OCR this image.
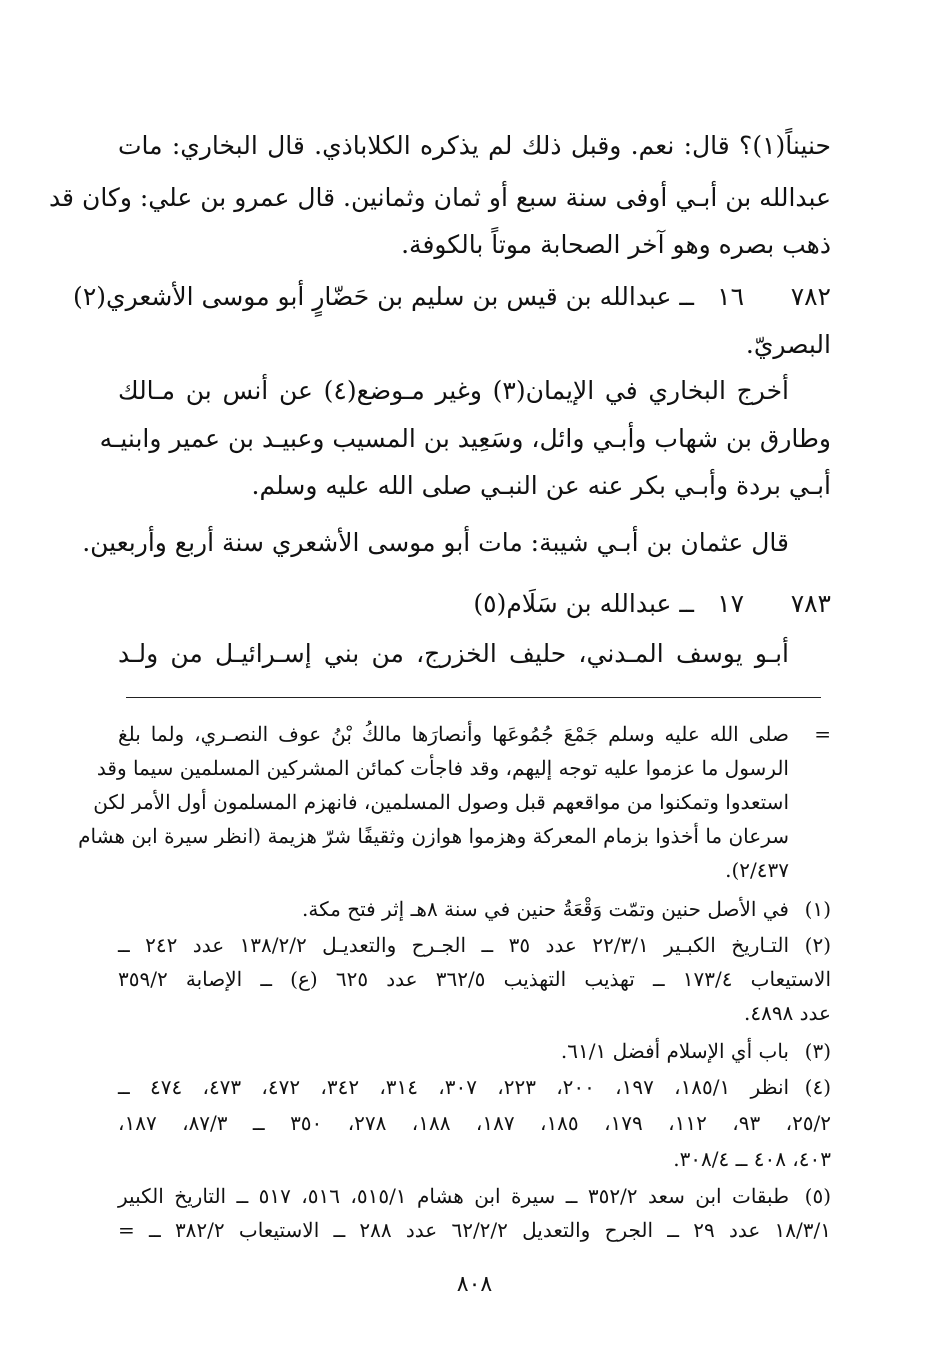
حنيناً(١)؟ قال: نعم. وقبل ذلك لم يذكره الكلاباذي. قال البخاري: مات
عبدالله بن أبـي أوفى سنة سبع أو ثمان وثمانين. قال عمرو بن علي: وكان قد
ذهب بصره وهو آخر الصحابة موتاً بالكوفة.
٧٨٢
١٦
ــ عبدالله بن قيس بن سليم بن حَضّارٍ أبو موسى الأشعري(٢)
البصريّ.
أخرج البخاري في الإيمان(٣) وغير مـوضع(٤) عن أنس بن مـالك
وطارق بن شهاب وأبـي وائل، وسَعِيد بن المسيب وعبيـد بن عمير وابنيـه
أبـي بردة وأبـي بكر عنه عن النبـي صلى الله عليه وسلم.
قال عثمان بن أبـي شيبة: مات أبو موسى الأشعري سنة أربع وأربعين.
٧٨٣
١٧
ــ عبدالله بن سَلَام(٥)
أبـو يوسف المـدني، حليف الخزرج، من بني إسـرائيـل من ولـد
=
صلى الله عليه وسلم جَمْعَ جُمُوعَها وأنصارَها مالكُ بْنُ عوف النصـري، ولما بلغ
الرسول ما عزموا عليه توجه إليهم، وقد فاجأت كمائن المشركين المسلمين سيما وقد
استعدوا وتمكنوا من مواقعهم قبل وصول المسلمين، فانهزم المسلمون أول الأمر لكن
سرعان ما أخذوا بزمام المعركة وهزموا هوازن وثقيفًا شرّ هزيمة (انظر سيرة ابن هشام
٢/٤٣٧).
(١)
في الأصل حنين وتمّت وَقْعَةُ حنين في سنة ٨هـ إثر فتح مكة.
(٢)
التـاريخ الكبـير ٢٢/٣/١ عدد ٣٥ ــ الجـرح والتعديـل ١٣٨/٢/٢ عدد ٢٤٢ ــ
الاستيعاب ١٧٣/٤ ــ تهذيب التهذيب ٣٦٢/٥ عدد ٦٢٥ (ع) ــ الإصابة ٣٥٩/٢
عدد ٤٨٩٨.
(٣)
باب أي الإسلام أفضل ٦١/١.
(٤)
انظر ١٨٥/١، ١٩٧، ٢٠٠، ٢٢٣، ٣٠٧، ٣١٤، ٣٤٢، ٤٧٢، ٤٧٣، ٤٧٤ ــ
٢٥/٢، ٩٣، ١١٢، ١٧٩، ١٨٥، ١٨٧، ١٨٨، ٢٧٨، ٣٥٠ ــ ٨٧/٣، ١٨٧،
٤٠٣، ٤٠٨ ــ ٣٠٨/٤.
(٥)
طبقات ابن سعد ٣٥٢/٢ ــ سيرة ابن هشام ٥١٥/١، ٥١٦، ٥١٧ ــ التاريخ الكبير
١٨/٣/١ عدد ٢٩ ــ الجرح والتعديل ٦٢/٢/٢ عدد ٢٨٨ ــ الاستيعاب ٣٨٢/٢ ــ =
٨٠٨
